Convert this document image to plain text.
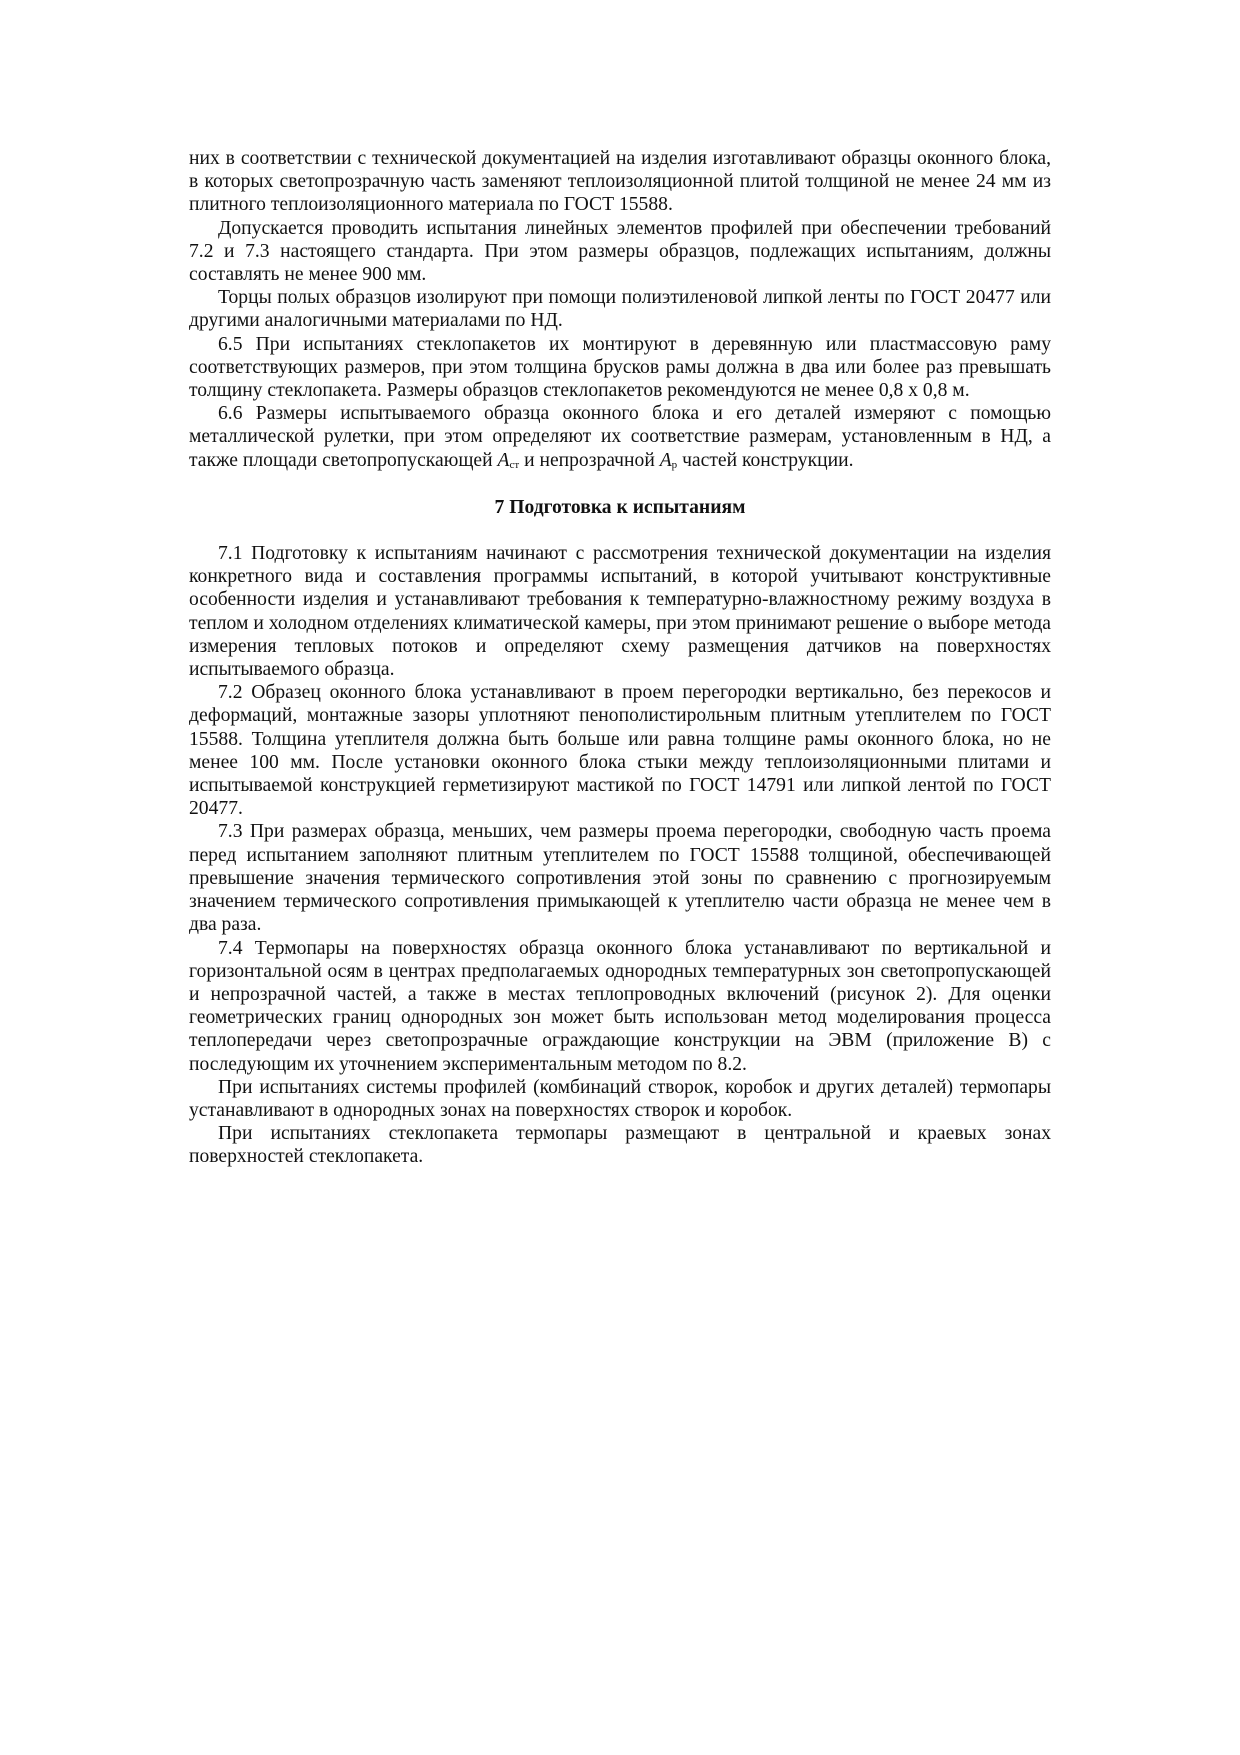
них в соответствии с технической документацией на изделия изготавливают образцы оконного блока, в которых светопрозрачную часть заменяют теплоизоляционной плитой толщиной не менее 24 мм из плитного теплоизоляционного материала по ГОСТ 15588.

Допускается проводить испытания линейных элементов профилей при обеспечении требований 7.2 и 7.3 настоящего стандарта. При этом размеры образцов, подлежащих испытаниям, должны составлять не менее 900 мм.

Торцы полых образцов изолируют при помощи полиэтиленовой липкой ленты по ГОСТ 20477 или другими аналогичными материалами по НД.

6.5 При испытаниях стеклопакетов их монтируют в деревянную или пластмассовую раму соответствующих размеров, при этом толщина брусков рамы должна в два или более раз превышать толщину стеклопакета. Размеры образцов стеклопакетов рекомендуются не менее 0,8 х 0,8 м.

6.6 Размеры испытываемого образца оконного блока и его деталей измеряют с помощью металлической рулетки, при этом определяют их соответствие размерам, установленным в НД, а также площади светопропускающей $A_{ст}$ и непрозрачной $A_р$ частей конструкции.

7 Подготовка к испытаниям

7.1 Подготовку к испытаниям начинают с рассмотрения технической документации на изделия конкретного вида и составления программы испытаний, в которой учитывают конструктивные особенности изделия и устанавливают требования к температурно-влажностному режиму воздуха в теплом и холодном отделениях климатической камеры, при этом принимают решение о выборе метода измерения тепловых потоков и определяют схему размещения датчиков на поверхностях испытываемого образца.

7.2 Образец оконного блока устанавливают в проем перегородки вертикально, без перекосов и деформаций, монтажные зазоры уплотняют пенополистирольным плитным утеплителем по ГОСТ 15588. Толщина утеплителя должна быть больше или равна толщине рамы оконного блока, но не менее 100 мм. После установки оконного блока стыки между теплоизоляционными плитами и испытываемой конструкцией герметизируют мастикой по ГОСТ 14791 или липкой лентой по ГОСТ 20477.

7.3 При размерах образца, меньших, чем размеры проема перегородки, свободную часть проема перед испытанием заполняют плитным утеплителем по ГОСТ 15588 толщиной, обеспечивающей превышение значения термического сопротивления этой зоны по сравнению с прогнозируемым значением термического сопротивления примыкающей к утеплителю части образца не менее чем в два раза.

7.4 Термопары на поверхностях образца оконного блока устанавливают по вертикальной и горизонтальной осям в центрах предполагаемых однородных температурных зон светопропускающей и непрозрачной частей, а также в местах теплопроводных включений (рисунок 2). Для оценки геометрических границ однородных зон может быть использован метод моделирования процесса теплопередачи через светопрозрачные ограждающие конструкции на ЭВМ (приложение В) с последующим их уточнением экспериментальным методом по 8.2.

При испытаниях системы профилей (комбинаций створок, коробок и других деталей) термопары устанавливают в однородных зонах на поверхностях створок и коробок.

При испытаниях стеклопакета термопары размещают в центральной и краевых зонах поверхностей стеклопакета.
